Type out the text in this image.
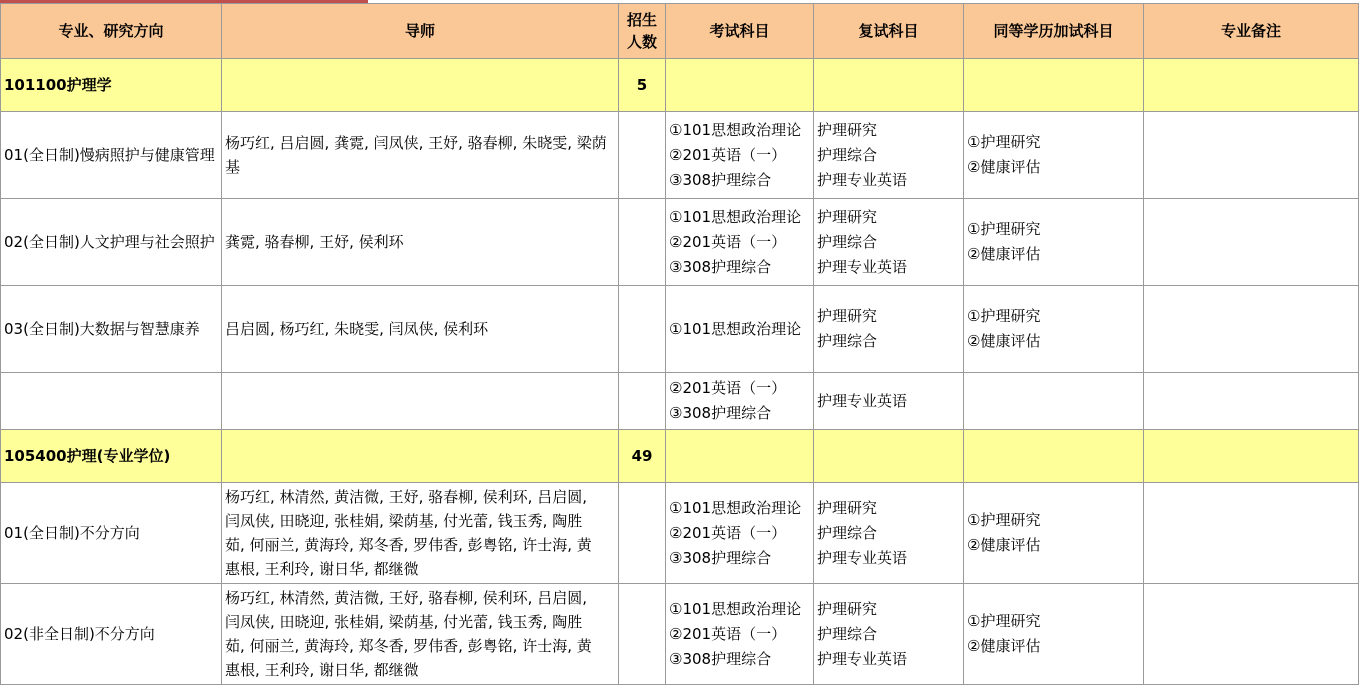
专业、研究方向	导师	招生
人数	考试科目	复试科目	同等学历加试科目	专业备注
101100护理学		5				
01(全日制)慢病照护与健康管理	杨巧红, 吕启圆, 龚霓, 闫凤侠, 王妤, 骆春柳, 朱晓雯, 梁荫基		①101思想政治理论
②201英语（一）
③308护理综合	护理研究
护理综合
护理专业英语	①护理研究
②健康评估	

02(全日制)人文护理与社会照护	龚霓, 骆春柳, 王妤, 侯利环		①101思想政治理论
②201英语（一）
③308护理综合	护理研究
护理综合
护理专业英语	①护理研究
②健康评估	

03(全日制)大数据与智慧康养	吕启圆, 杨巧红, 朱晓雯, 闫凤侠, 侯利环		①101思想政治理论	护理研究
护理综合	①护理研究
②健康评估	

			②201英语（一）
③308护理综合	护理专业英语		

105400护理(专业学位)		49				
01(全日制)不分方向	杨巧红, 林清然, 黄洁微, 王妤, 骆春柳, 侯利环, 吕启圆,
闫凤侠, 田晓迎, 张桂娟, 梁荫基, 付光蕾, 钱玉秀, 陶胜
茹, 何丽兰, 黄海玲, 郑冬香, 罗伟香, 彭粤铭, 许士海, 黄
惠根, 王利玲, 谢日华, 都继微		①101思想政治理论
②201英语（一）
③308护理综合	护理研究
护理综合
护理专业英语	①护理研究
②健康评估	

02(非全日制)不分方向	杨巧红, 林清然, 黄洁微, 王妤, 骆春柳, 侯利环, 吕启圆,
闫凤侠, 田晓迎, 张桂娟, 梁荫基, 付光蕾, 钱玉秀, 陶胜
茹, 何丽兰, 黄海玲, 郑冬香, 罗伟香, 彭粤铭, 许士海, 黄
惠根, 王利玲, 谢日华, 都继微		①101思想政治理论
②201英语（一）
③308护理综合	护理研究
护理综合
护理专业英语	①护理研究
②健康评估	
